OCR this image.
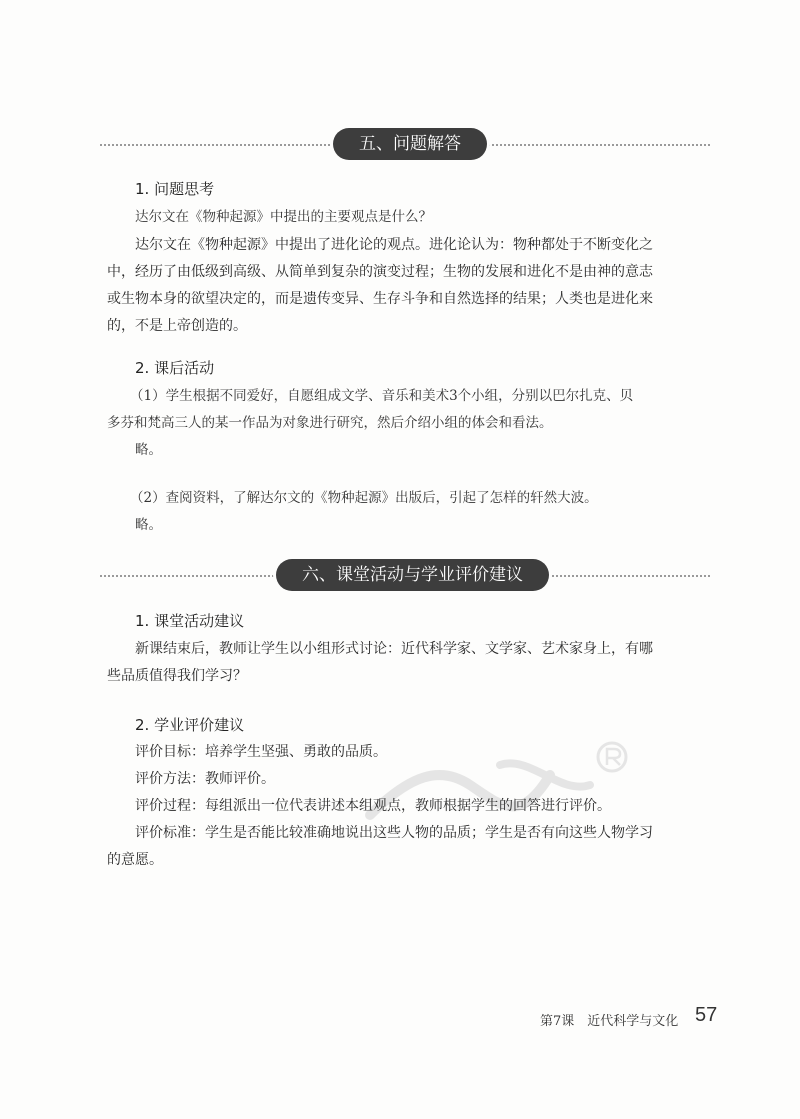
五、问题解答
1. 问题思考
达尔文在《物种起源》中提出的主要观点是什么？
达尔文在《物种起源》中提出了进化论的观点。进化论认为：物种都处于不断变化之
中，经历了由低级到高级、从简单到复杂的演变过程；生物的发展和进化不是由神的意志
或生物本身的欲望决定的，而是遗传变异、生存斗争和自然选择的结果；人类也是进化来
的，不是上帝创造的。
2. 课后活动
（1）学生根据不同爱好，自愿组成文学、音乐和美术3个小组，分别以巴尔扎克、贝
多芬和梵高三人的某一作品为对象进行研究，然后介绍小组的体会和看法。
略。
（2）查阅资料，了解达尔文的《物种起源》出版后，引起了怎样的轩然大波。
略。
六、课堂活动与学业评价建议
1. 课堂活动建议
新课结束后，教师让学生以小组形式讨论：近代科学家、文学家、艺术家身上，有哪
些品质值得我们学习？
2. 学业评价建议
评价目标：培养学生坚强、勇敢的品质。
评价方法：教师评价。
评价过程：每组派出一位代表讲述本组观点，教师根据学生的回答进行评价。
评价标准：学生是否能比较准确地说出这些人物的品质；学生是否有向这些人物学习
的意愿。
第7课　近代科学与文化 57
